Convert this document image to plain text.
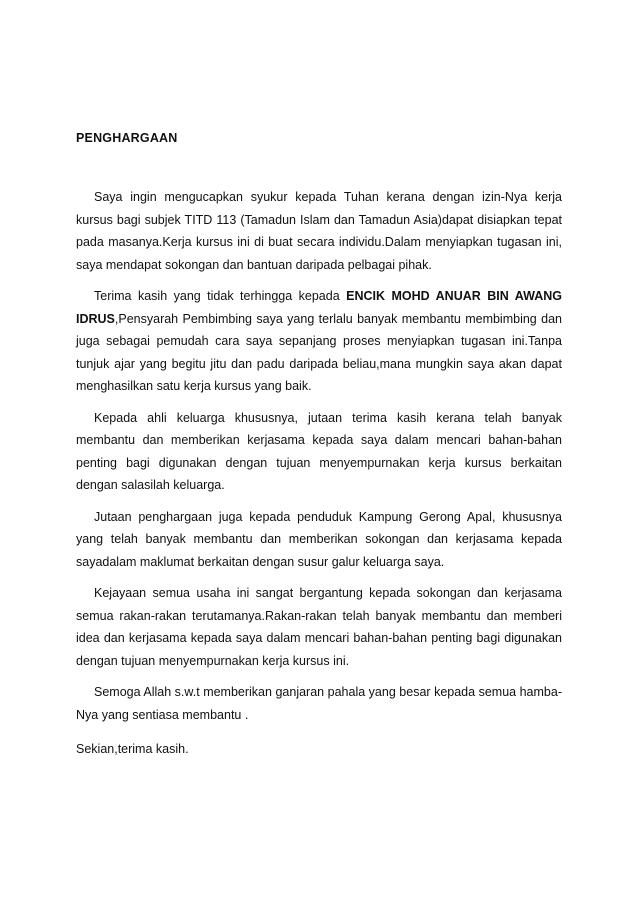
PENGHARGAAN

Saya ingin mengucapkan syukur kepada Tuhan kerana dengan izin-Nya kerja kursus bagi subjek TITD 113 (Tamadun Islam dan Tamadun Asia)dapat disiapkan tepat pada masanya.Kerja kursus ini di buat secara individu.Dalam menyiapkan tugasan ini, saya mendapat sokongan dan bantuan daripada pelbagai pihak.

Terima kasih yang tidak terhingga kepada ENCIK MOHD ANUAR BIN AWANG IDRUS,Pensyarah Pembimbing saya yang terlalu banyak membantu membimbing dan juga sebagai pemudah cara saya sepanjang proses menyiapkan tugasan ini.Tanpa tunjuk ajar yang begitu jitu dan padu daripada beliau,mana mungkin saya akan dapat menghasilkan satu kerja kursus yang baik.

Kepada ahli keluarga khususnya, jutaan terima kasih kerana telah banyak membantu dan memberikan kerjasama kepada saya dalam mencari bahan-bahan penting bagi digunakan dengan tujuan menyempurnakan kerja kursus berkaitan dengan salasilah keluarga.

Jutaan penghargaan juga kepada penduduk Kampung Gerong Apal, khususnya yang telah banyak membantu dan memberikan sokongan dan kerjasama kepada sayadalam maklumat berkaitan dengan susur galur keluarga saya.

Kejayaan semua usaha ini sangat bergantung kepada sokongan dan kerjasama semua rakan-rakan terutamanya.Rakan-rakan telah banyak membantu dan memberi idea dan kerjasama kepada saya dalam mencari bahan-bahan penting bagi digunakan dengan tujuan menyempurnakan kerja kursus ini.

Semoga Allah s.w.t memberikan ganjaran pahala yang besar kepada semua hamba-Nya yang sentiasa membantu .

Sekian,terima kasih.
